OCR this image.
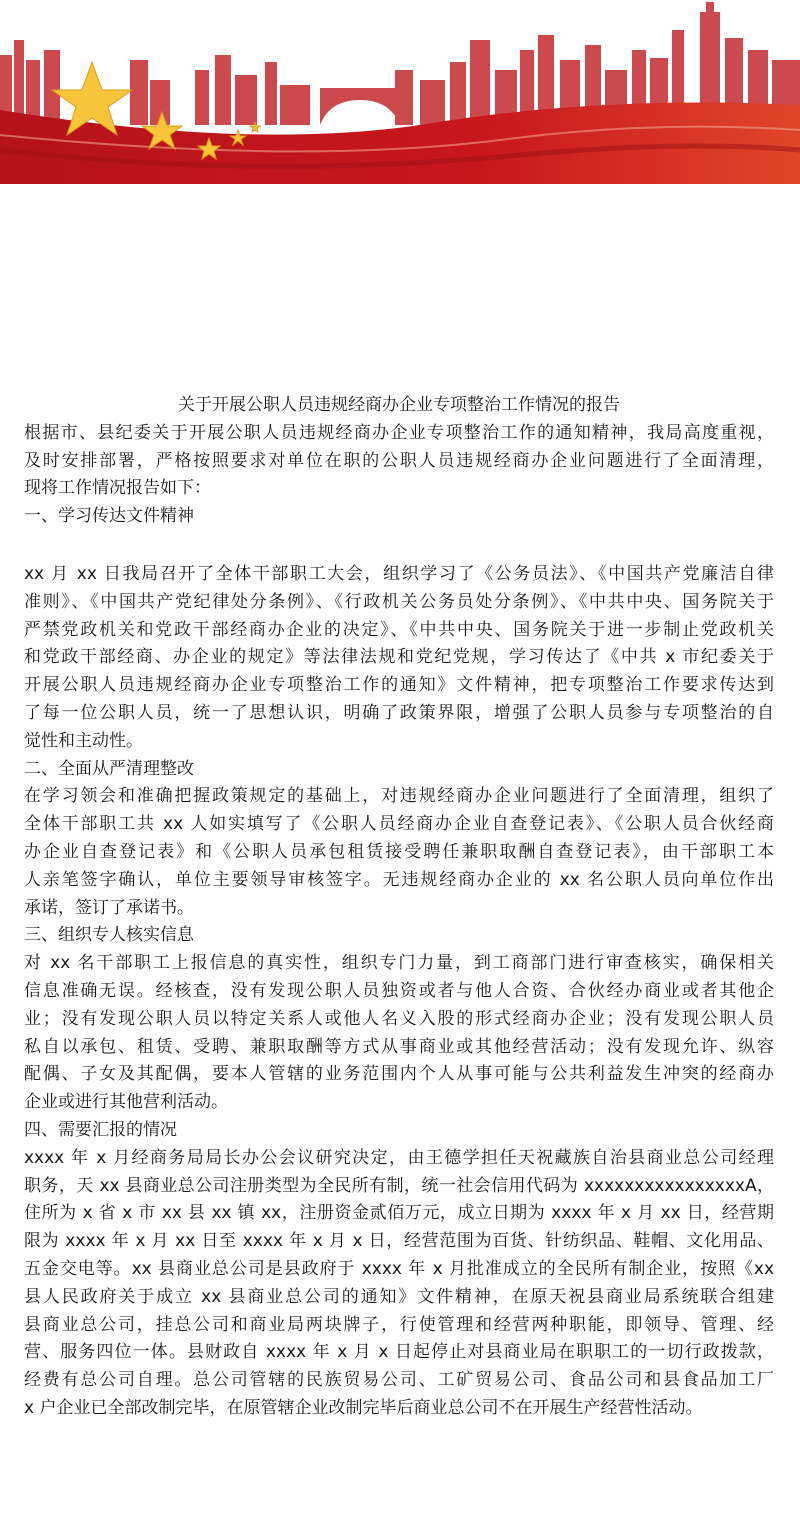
关于开展公职人员违规经商办企业专项整治工作情况的报告
根据市、县纪委关于开展公职人员违规经商办企业专项整治工作的通知精神，我局高度重视，
及时安排部署，严格按照要求对单位在职的公职人员违规经商办企业问题进行了全面清理，
现将工作情况报告如下：
一、学习传达文件精神
xx 月 xx 日我局召开了全体干部职工大会，组织学习了《公务员法》、《中国共产党廉洁自律
准则》、《中国共产党纪律处分条例》、《行政机关公务员处分条例》、《中共中央、国务院关于
严禁党政机关和党政干部经商办企业的决定》、《中共中央、国务院关于进一步制止党政机关
和党政干部经商、办企业的规定》等法律法规和党纪党规，学习传达了《中共 x 市纪委关于
开展公职人员违规经商办企业专项整治工作的通知》文件精神，把专项整治工作要求传达到
了每一位公职人员，统一了思想认识，明确了政策界限，增强了公职人员参与专项整治的自
觉性和主动性。
二、全面从严清理整改
在学习领会和准确把握政策规定的基础上，对违规经商办企业问题进行了全面清理，组织了
全体干部职工共 xx 人如实填写了《公职人员经商办企业自查登记表》、《公职人员合伙经商
办企业自查登记表》和《公职人员承包租赁接受聘任兼职取酬自查登记表》，由干部职工本
人亲笔签字确认，单位主要领导审核签字。无违规经商办企业的 xx 名公职人员向单位作出
承诺，签订了承诺书。
三、组织专人核实信息
对 xx 名干部职工上报信息的真实性，组织专门力量，到工商部门进行审查核实，确保相关
信息准确无误。经核查，没有发现公职人员独资或者与他人合资、合伙经办商业或者其他企
业；没有发现公职人员以特定关系人或他人名义入股的形式经商办企业；没有发现公职人员
私自以承包、租赁、受聘、兼职取酬等方式从事商业或其他经营活动；没有发现允许、纵容
配偶、子女及其配偶，要本人管辖的业务范围内个人从事可能与公共利益发生冲突的经商办
企业或进行其他营利活动。
四、需要汇报的情况
xxxx 年 x 月经商务局局长办公会议研究决定，由王德学担任天祝藏族自治县商业总公司经理
职务，天 xx 县商业总公司注册类型为全民所有制，统一社会信用代码为 xxxxxxxxxxxxxxxxA，
住所为 x 省 x 市 xx 县 xx 镇 xx，注册资金贰佰万元，成立日期为 xxxx 年 x 月 xx 日，经营期
限为 xxxx 年 x 月 xx 日至 xxxx 年 x 月 x 日，经营范围为百货、针纺织品、鞋帽、文化用品、
五金交电等。xx 县商业总公司是县政府于 xxxx 年 x 月批准成立的全民所有制企业，按照《xx
县人民政府关于成立 xx 县商业总公司的通知》文件精神，在原天祝县商业局系统联合组建
县商业总公司，挂总公司和商业局两块牌子，行使管理和经营两种职能，即领导、管理、经
营、服务四位一体。县财政自 xxxx 年 x 月 x 日起停止对县商业局在职职工的一切行政拨款，
经费有总公司自理。总公司管辖的民族贸易公司、工矿贸易公司、食品公司和县食品加工厂
x 户企业已全部改制完毕，在原管辖企业改制完毕后商业总公司不在开展生产经营性活动。
